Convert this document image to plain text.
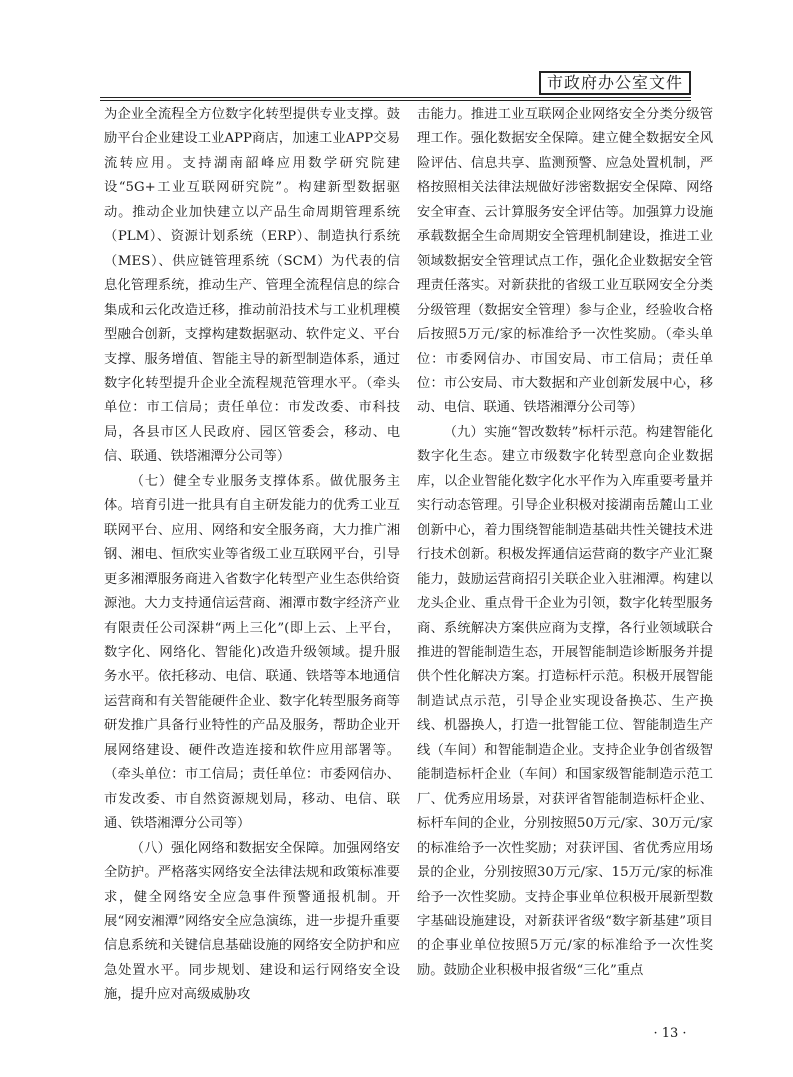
市政府办公室文件

为企业全流程全方位数字化转型提供专业支撑。鼓励平台企业建设工业APP商店，加速工业APP交易流转应用。支持湖南韶峰应用数学研究院建设“5G+工业互联网研究院”。构建新型数据驱动。推动企业加快建立以产品生命周期管理系统（PLM）、资源计划系统（ERP）、制造执行系统（MES）、供应链管理系统（SCM）为代表的信息化管理系统，推动生产、管理全流程信息的综合集成和云化改造迁移，推动前沿技术与工业机理模型融合创新，支撑构建数据驱动、软件定义、平台支撑、服务增值、智能主导的新型制造体系，通过数字化转型提升企业全流程规范管理水平。（牵头单位：市工信局；责任单位：市发改委、市科技局，各县市区人民政府、园区管委会，移动、电信、联通、铁塔湘潭分公司等）

（七）健全专业服务支撑体系。做优服务主体。培育引进一批具有自主研发能力的优秀工业互联网平台、应用、网络和安全服务商，大力推广湘钢、湘电、恒欣实业等省级工业互联网平台，引导更多湘潭服务商进入省数字化转型产业生态供给资源池。大力支持通信运营商、湘潭市数字经济产业有限责任公司深耕“两上三化”(即上云、上平台，数字化、网络化、智能化)改造升级领域。提升服务水平。依托移动、电信、联通、铁塔等本地通信运营商和有关智能硬件企业、数字化转型服务商等研发推广具备行业特性的产品及服务，帮助企业开展网络建设、硬件改造连接和软件应用部署等。（牵头单位：市工信局；责任单位：市委网信办、市发改委、市自然资源规划局，移动、电信、联通、铁塔湘潭分公司等）

（八）强化网络和数据安全保障。加强网络安全防护。严格落实网络安全法律法规和政策标准要求，健全网络安全应急事件预警通报机制。开展“网安湘潭”网络安全应急演练，进一步提升重要信息系统和关键信息基础设施的网络安全防护和应急处置水平。同步规划、建设和运行网络安全设施，提升应对高级威胁攻

击能力。推进工业互联网企业网络安全分类分级管理工作。强化数据安全保障。建立健全数据安全风险评估、信息共享、监测预警、应急处置机制，严格按照相关法律法规做好涉密数据安全保障、网络安全审查、云计算服务安全评估等。加强算力设施承载数据全生命周期安全管理机制建设，推进工业领域数据安全管理试点工作，强化企业数据安全管理责任落实。对新获批的省级工业互联网安全分类分级管理（数据安全管理）参与企业，经验收合格后按照5万元/家的标准给予一次性奖励。（牵头单位：市委网信办、市国安局、市工信局；责任单位：市公安局、市大数据和产业创新发展中心，移动、电信、联通、铁塔湘潭分公司等）

（九）实施“智改数转”标杆示范。构建智能化数字化生态。建立市级数字化转型意向企业数据库，以企业智能化数字化水平作为入库重要考量并实行动态管理。引导企业积极对接湖南岳麓山工业创新中心，着力围绕智能制造基础共性关键技术进行技术创新。积极发挥通信运营商的数字产业汇聚能力，鼓励运营商招引关联企业入驻湘潭。构建以龙头企业、重点骨干企业为引领，数字化转型服务商、系统解决方案供应商为支撑，各行业领域联合推进的智能制造生态，开展智能制造诊断服务并提供个性化解决方案。打造标杆示范。积极开展智能制造试点示范，引导企业实现设备换芯、生产换线、机器换人，打造一批智能工位、智能制造生产线（车间）和智能制造企业。支持企业争创省级智能制造标杆企业（车间）和国家级智能制造示范工厂、优秀应用场景，对获评省智能制造标杆企业、标杆车间的企业，分别按照50万元/家、30万元/家的标准给予一次性奖励；对获评国、省优秀应用场景的企业，分别按照30万元/家、15万元/家的标准给予一次性奖励。支持企事业单位积极开展新型数字基础设施建设，对新获评省级“数字新基建”项目的企事业单位按照5万元/家的标准给予一次性奖励。鼓励企业积极申报省级“三化”重点

· 13 ·
